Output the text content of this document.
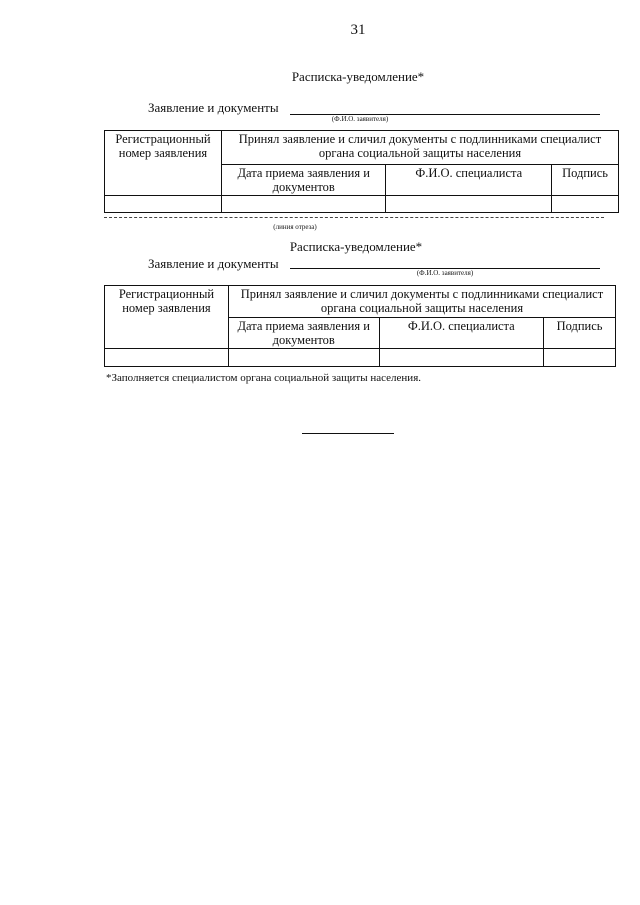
31
Расписка-уведомление*
Заявление и документы
(Ф.И.О. заявителя)
Регистрационный номер заявления	Принял заявление и сличил документы с подлинниками специалист органа социальной защиты населения		
	Дата приема заявления и документов	Ф.И.О. специалиста	Подпись

(линия отреза)
Расписка-уведомление*
Заявление и документы
(Ф.И.О. заявителя)
Регистрационный номер заявления	Принял заявление и сличил документы с подлинниками специалист органа социальной защиты населения		
	Дата приема заявления и документов	Ф.И.О. специалиста	Подпись

*Заполняется специалистом органа социальной защиты населения.
